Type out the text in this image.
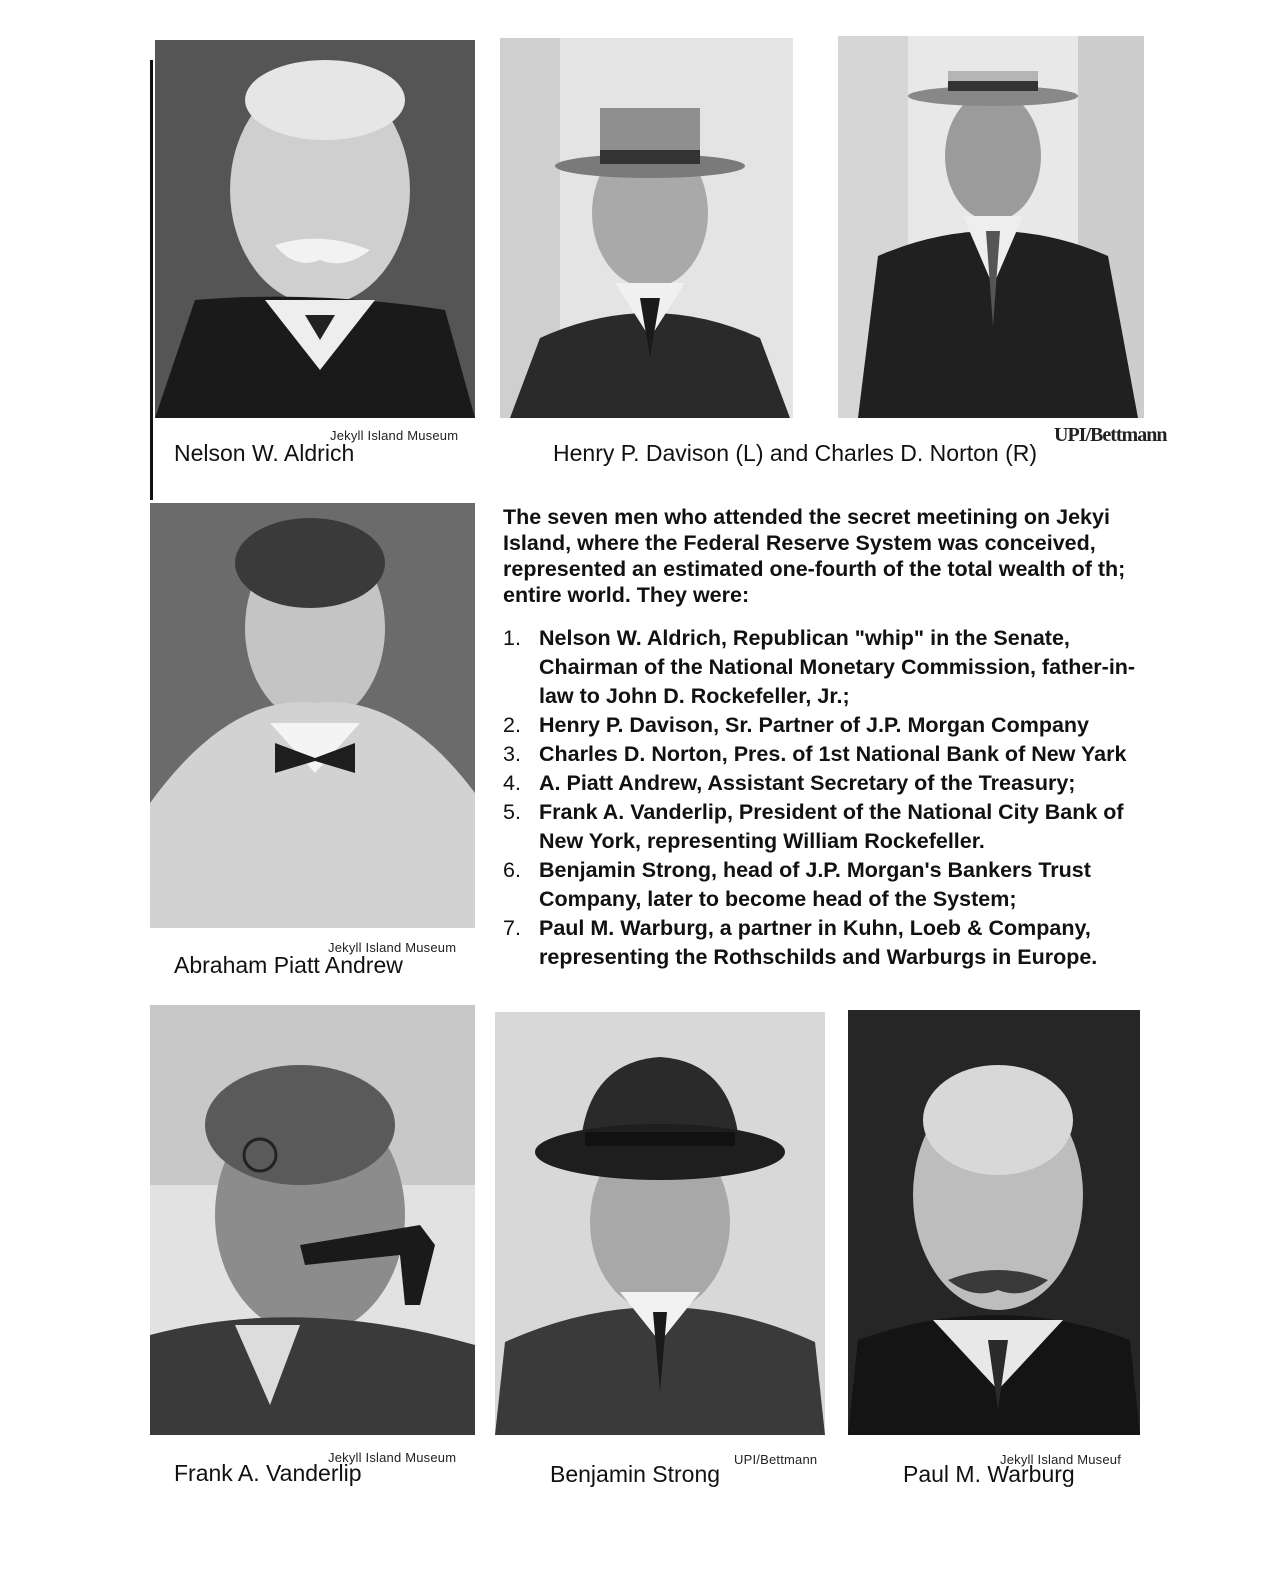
Jekyll Island Museum
Nelson W. Aldrich
UPI/Bettmann
Henry P. Davison (L) and Charles D. Norton (R)
Jekyll Island Museum
Abraham Piatt Andrew
The seven men who attended the secret meetining on Jekyi Island, where the Federal Reserve System was conceived, represented an estimated one-fourth of the total wealth of th; entire world. They were:
1. Nelson W. Aldrich, Republican "whip" in the Senate, Chairman of the National Monetary Commission, father-in-law to John D. Rockefeller, Jr.;
2. Henry P. Davison, Sr. Partner of J.P. Morgan Company
3. Charles D. Norton, Pres. of 1st National Bank of New Yark
4. A. Piatt Andrew, Assistant Secretary of the Treasury;
5. Frank A. Vanderlip, President of the National City Bank of New York, representing William Rockefeller.
6. Benjamin Strong, head of J.P. Morgan's Bankers Trust Company, later to become head of the System;
7. Paul M. Warburg, a partner in Kuhn, Loeb & Company, representing the Rothschilds and Warburgs in Europe.
Jekyll Island Museum
Frank A. Vanderlip
UPI/Bettmann
Benjamin Strong
Jekyll Island Museuf
Paul M. Warburg
